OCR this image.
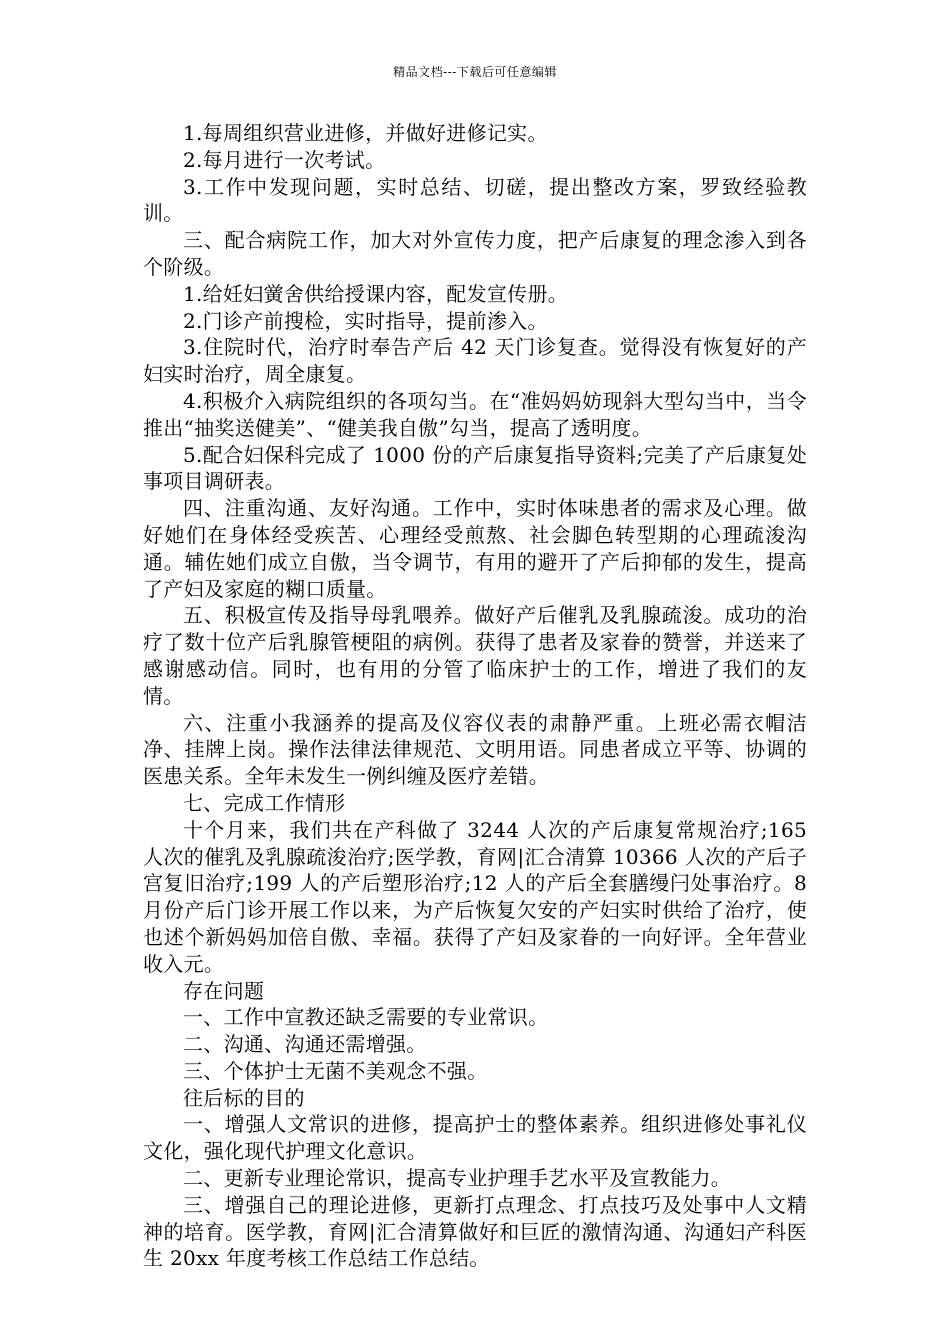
精品文档---下载后可任意编辑

1.每周组织营业进修，并做好进修记实。

2.每月进行一次考试。

3.工作中发现问题，实时总结、切磋，提出整改方案，罗致经验教训。

三、配合病院工作，加大对外宣传力度，把产后康复的理念渗入到各个阶级。

1.给妊妇黉舍供给授课内容，配发宣传册。

2.门诊产前搜检，实时指导，提前渗入。

3.住院时代，治疗时奉告产后 42 天门诊复查。觉得没有恢复好的产妇实时治疗，周全康复。

4.积极介入病院组织的各项勾当。在“准妈妈妨现斜大型勾当中，当令推出“抽奖送健美”、“健美我自傲”勾当，提高了透明度。

5.配合妇保科完成了 1000 份的产后康复指导资料;完美了产后康复处事项目调研表。

四、注重沟通、友好沟通。工作中，实时体味患者的需求及心理。做好她们在身体经受疾苦、心理经受煎熬、社会脚色转型期的心理疏浚沟通。辅佐她们成立自傲，当令调节，有用的避开了产后抑郁的发生，提高了产妇及家庭的糊口质量。

五、积极宣传及指导母乳喂养。做好产后催乳及乳腺疏浚。成功的治疗了数十位产后乳腺管梗阻的病例。获得了患者及家眷的赞誉，并送来了感谢感动信。同时，也有用的分管了临床护士的工作，增进了我们的友情。

六、注重小我涵养的提高及仪容仪表的肃静严重。上班必需衣帽洁净、挂牌上岗。操作法律法律规范、文明用语。同患者成立平等、协调的医患关系。全年未发生一例纠缠及医疗差错。

七、完成工作情形

十个月来，我们共在产科做了 3244 人次的产后康复常规治疗;165 人次的催乳及乳腺疏浚治疗;医学教，育网|汇合清算 10366 人次的产后子宫复旧治疗;199 人的产后塑形治疗;12 人的产后全套膳缦闩处事治疗。8 月份产后门诊开展工作以来，为产后恢复欠安的产妇实时供给了治疗，使也述个新妈妈加倍自傲、幸福。获得了产妇及家眷的一向好评。全年营业收入元。

存在问题

一、工作中宣教还缺乏需要的专业常识。

二、沟通、沟通还需增强。

三、个体护士无菌不美观念不强。

往后标的目的

一、增强人文常识的进修，提高护士的整体素养。组织进修处事礼仪文化，强化现代护理文化意识。

二、更新专业理论常识，提高专业护理手艺水平及宣教能力。

三、增强自己的理论进修，更新打点理念、打点技巧及处事中人文精神的培育。医学教，育网|汇合清算做好和巨匠的激情沟通、沟通妇产科医生 20xx 年度考核工作总结工作总结。
